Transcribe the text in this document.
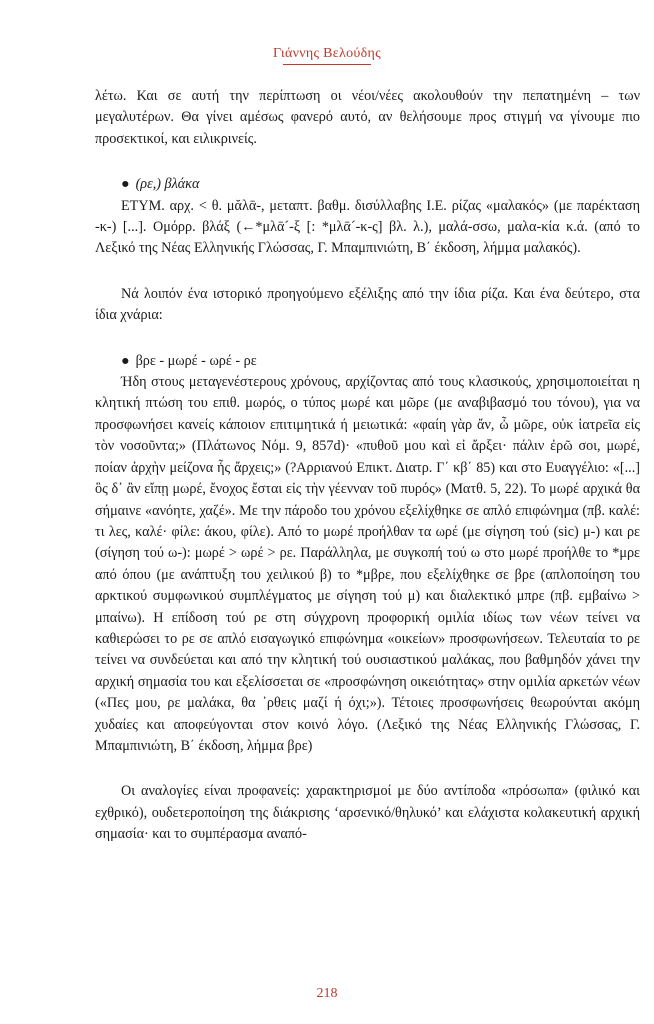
Γιάννης Βελούδης

λέτω. Και σε αυτή την περίπτωση οι νέοι/νέες ακολουθούν την πεπατημένη – των μεγαλυτέρων. Θα γίνει αμέσως φανερό αυτό, αν θελήσουμε προς στιγμή να γίνουμε πιο προσεκτικοί, και ειλικρινείς.

● (ρε,) βλάκα

ΕΤΥΜ. αρχ. < θ. μᾰλᾱ-, μεταπτ. βαθμ. δισύλλαβης Ι.Ε. ρίζας «μαλακός» (με παρέκταση -κ-) [...]. Ομόρρ. βλάξ (←*μλᾱ´-ξ [: *μλᾱ´-κ-ς] βλ. λ.), μαλά-σσω, μαλα-κία κ.ά. (από το Λεξικό της Νέας Ελληνικής Γλώσσας, Γ. Μπαμπινιώτη, Β΄ έκδοση, λήμμα μαλακός).

Νά λοιπόν ένα ιστορικό προηγούμενο εξέλιξης από την ίδια ρίζα. Και ένα δεύτερο, στα ίδια χνάρια:

● βρε - μωρέ - ωρέ - ρε

Ήδη στους μεταγενέστερους χρόνους, αρχίζοντας από τους κλασικούς, χρησιμοποιείται η κλητική πτώση του επιθ. μωρός, ο τύπος μωρέ και μῶρε (με αναβιβασμό του τόνου), για να προσφωνήσει κανείς κάποιον επιτιμητικά ή μειωτικά: «φαίη γὰρ ἄν, ὦ μῶρε, οὐκ ἰατρεῖα εἰς τὸν νοσοῦντα;» (Πλάτωνος Νόμ. 9, 857d)· «πυθοῦ μου καὶ εἰ ἄρξει· πάλιν ἐρῶ σοι, μωρέ, ποίαν ἀρχὴν μείζονα ἧς ἄρχεις;» (?Αρριανού Επικτ. Διατρ. Γ΄ κβ΄ 85) και στο Ευαγγέλιο: «[...] ὃς δ᾽ ἂν εἴπῃ μωρέ, ἔνοχος ἔσται εἰς τὴν γέενναν τοῦ πυρός» (Ματθ. 5, 22). Το μωρέ αρχικά θα σήμαινε «ανόητε, χαζέ». Με την πάροδο του χρόνου εξελίχθηκε σε απλό επιφώνημα (πβ. καλέ: τι λες, καλέ· φίλε: άκου, φίλε). Από το μωρέ προήλθαν τα ωρέ (με σίγηση τού (sic) μ-) και ρε (σίγηση τού ω-): μωρέ > ωρέ > ρε. Παράλληλα, με συγκοπή τού ω στο μωρέ προήλθε το *μρε από όπου (με ανάπτυξη του χειλικού β) το *μβρε, που εξελίχθηκε σε βρε (απλοποίηση του αρκτικού συμφωνικού συμπλέγματος με σίγηση τού μ) και διαλεκτικό μπρε (πβ. εμβαίνω > μπαίνω). Η επίδοση τού ρε στη σύγχρονη προφορική ομιλία ιδίως των νέων τείνει να καθιερώσει το ρε σε απλό εισαγωγικό επιφώνημα «οικείων» προσφωνήσεων. Τελευταία το ρε τείνει να συνδεύεται και από την κλητική τού ουσιαστικού μαλάκας, που βαθμηδόν χάνει την αρχική σημασία του και εξελίσσεται σε «προσφώνηση οικειότητας» στην ομιλία αρκετών νέων («Πες μου, ρε μαλάκα, θα ᾽ρθεις μαζί ή όχι;»). Τέτοιες προσφωνήσεις θεωρούνται ακόμη χυδαίες και αποφεύγονται στον κοινό λόγο. (Λεξικό της Νέας Ελληνικής Γλώσσας, Γ. Μπαμπινιώτη, Β΄ έκδοση, λήμμα βρε)

Οι αναλογίες είναι προφανείς: χαρακτηρισμοί με δύο αντίποδα «πρόσωπα» (φιλικό και εχθρικό), ουδετεροποίηση της διάκρισης ‘αρσενικό/θηλυκό’ και ελάχιστα κολακευτική αρχική σημασία· και το συμπέρασμα αναπό-

218
